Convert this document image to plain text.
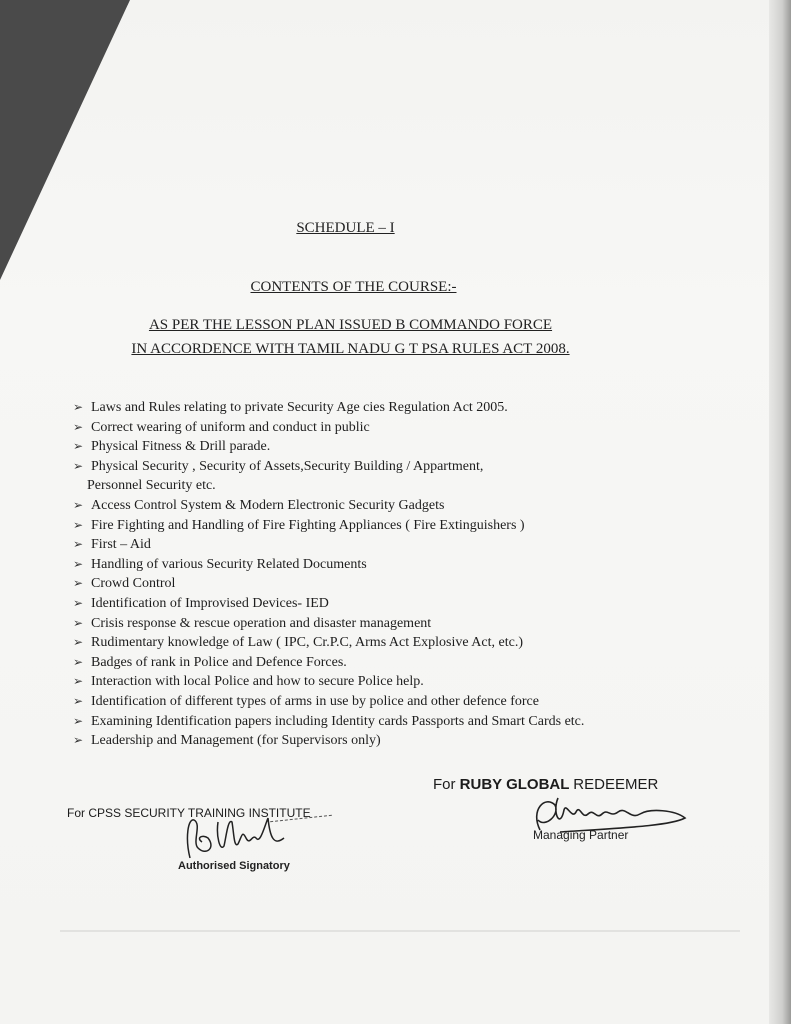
SCHEDULE – I
CONTENTS OF THE COURSE:-
AS PER THE LESSON PLAN ISSUED B COMMANDO FORCE
IN ACCORDENCE WITH TAMIL NADU G T PSA RULES ACT 2008.
➢ Laws and Rules relating to private Security Age cies Regulation Act 2005.
➢ Correct wearing of uniform and conduct in public
➢ Physical Fitness & Drill parade.
➢ Physical Security , Security of Assets,Security Building / Appartment,
Personnel Security etc.
➢ Access Control System & Modern Electronic Security Gadgets
➢ Fire Fighting and Handling of Fire Fighting Appliances ( Fire Extinguishers )
➢ First – Aid
➢ Handling of various Security Related Documents
➢ Crowd Control
➢ Identification of Improvised Devices- IED
➢ Crisis response & rescue operation and disaster management
➢ Rudimentary knowledge of Law ( IPC, Cr.P.C, Arms Act Explosive Act, etc.)
➢ Badges of rank in Police and Defence Forces.
➢ Interaction with local Police and how to secure Police help.
➢ Identification of different types of arms in use by police and other defence force
➢ Examining Identification papers including Identity cards Passports and Smart Cards etc.
➢ Leadership and Management (for Supervisors only)
For RUBY GLOBAL REDEEMER
Managing Partner
For CPSS SECURITY TRAINING INSTITUTE
Authorised Signatory
